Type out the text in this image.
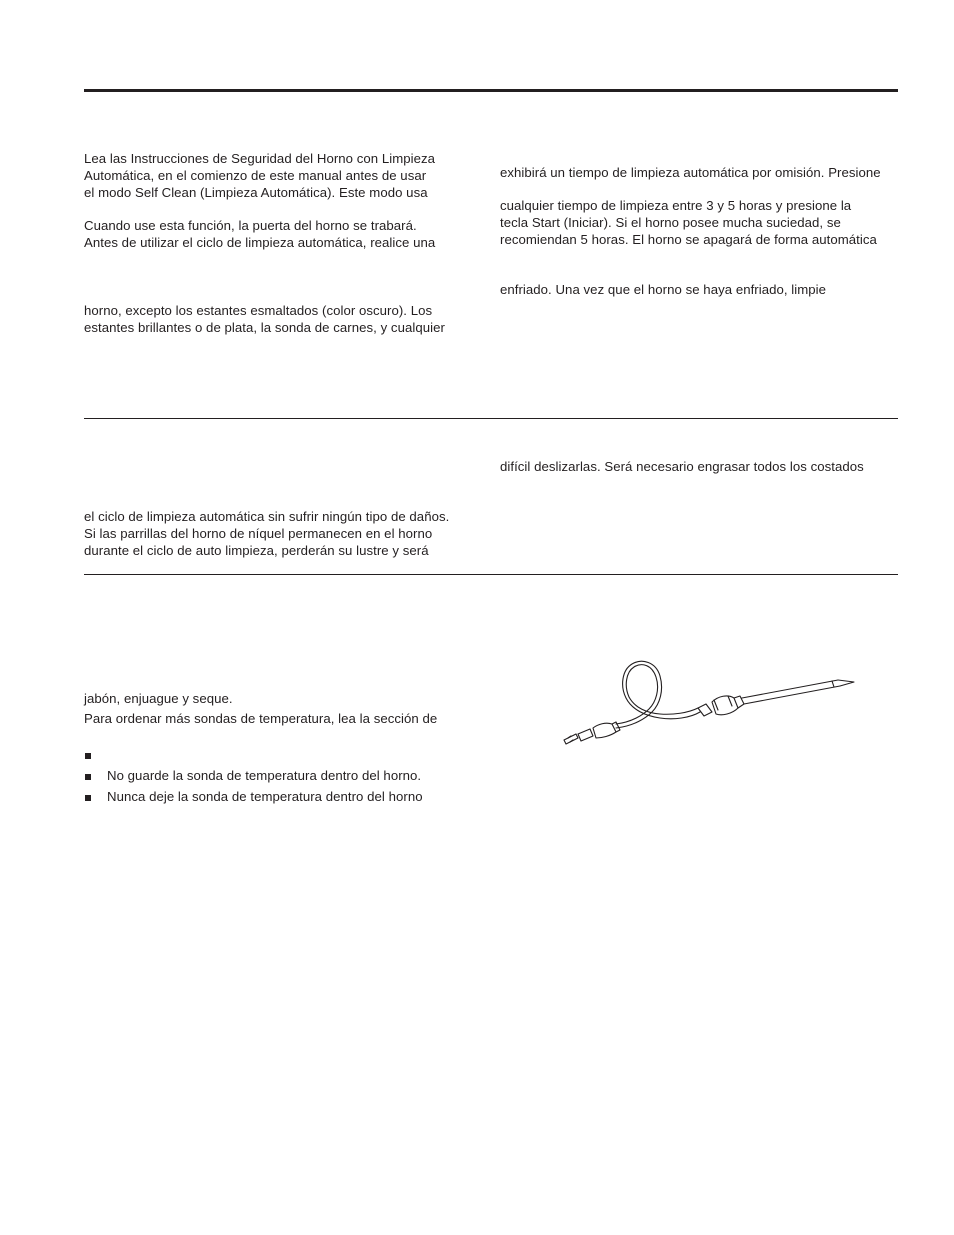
Lea las Instrucciones de Seguridad del Horno con Limpieza
Automática, en el comienzo de este manual antes de usar
el modo Self Clean (Limpieza Automática). Este modo usa
Cuando use esta función, la puerta del horno se trabará.
Antes de utilizar el ciclo de limpieza automática, realice una
horno, excepto los estantes esmaltados (color oscuro). Los
estantes brillantes o de plata, la sonda de carnes, y cualquier
exhibirá un tiempo de limpieza automática por omisión. Presione
cualquier tiempo de limpieza entre 3 y 5 horas y presione la
tecla Start (Iniciar). Si el horno posee mucha suciedad, se
recomiendan 5 horas. El horno se apagará de forma automática
enfriado. Una vez que el horno se haya enfriado, limpie
difícil deslizarlas. Será necesario engrasar todos los costados
el ciclo de limpieza automática sin sufrir ningún tipo de daños.
Si las parrillas del horno de níquel permanecen en el horno
durante el ciclo de auto limpieza, perderán su lustre y será
jabón, enjuague y seque.
Para ordenar más sondas de temperatura, lea la sección de
No guarde la sonda de temperatura dentro del horno.
Nunca deje la sonda de temperatura dentro del horno
